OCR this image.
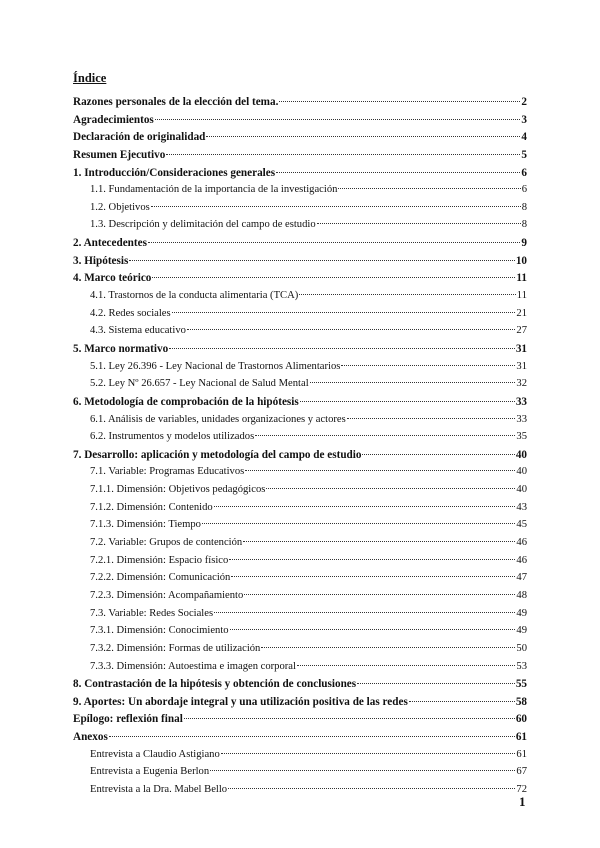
Índice
Razones personales de la elección del tema.	2
Agradecimientos	3
Declaración de originalidad	4
Resumen Ejecutivo	5
1. Introducción/Consideraciones generales	6
1.1. Fundamentación de la importancia de la investigación	6
1.2. Objetivos	8
1.3. Descripción y delimitación del campo de estudio	8
2. Antecedentes	9
3. Hipótesis	10
4. Marco teórico	11
4.1. Trastornos de la conducta alimentaria (TCA)	11
4.2. Redes sociales	21
4.3. Sistema educativo	27
5. Marco normativo	31
5.1. Ley 26.396 - Ley Nacional de Trastornos Alimentarios	31
5.2. Ley Nº 26.657 - Ley Nacional de Salud Mental	32
6. Metodología de comprobación de la hipótesis	33
6.1. Análisis de variables, unidades organizaciones y actores	33
6.2. Instrumentos y modelos utilizados	35
7. Desarrollo: aplicación y metodología del campo de estudio	40
7.1. Variable: Programas Educativos	40
7.1.1. Dimensión: Objetivos pedagógicos	40
7.1.2. Dimensión: Contenido	43
7.1.3. Dimensión: Tiempo	45
7.2. Variable: Grupos de contención	46
7.2.1. Dimensión: Espacio físico	46
7.2.2. Dimensión: Comunicación	47
7.2.3. Dimensión: Acompañamiento	48
7.3. Variable: Redes Sociales	49
7.3.1. Dimensión: Conocimiento	49
7.3.2. Dimensión: Formas de utilización	50
7.3.3. Dimensión: Autoestima e imagen corporal	53
8. Contrastación de la hipótesis y obtención de conclusiones	55
9. Aportes: Un abordaje integral y una utilización positiva de las redes	58
Epílogo: reflexión final	60
Anexos	61
Entrevista a Claudio Astigiano	61
Entrevista a Eugenia Berlon	67
Entrevista a la Dra. Mabel Bello	72
1
